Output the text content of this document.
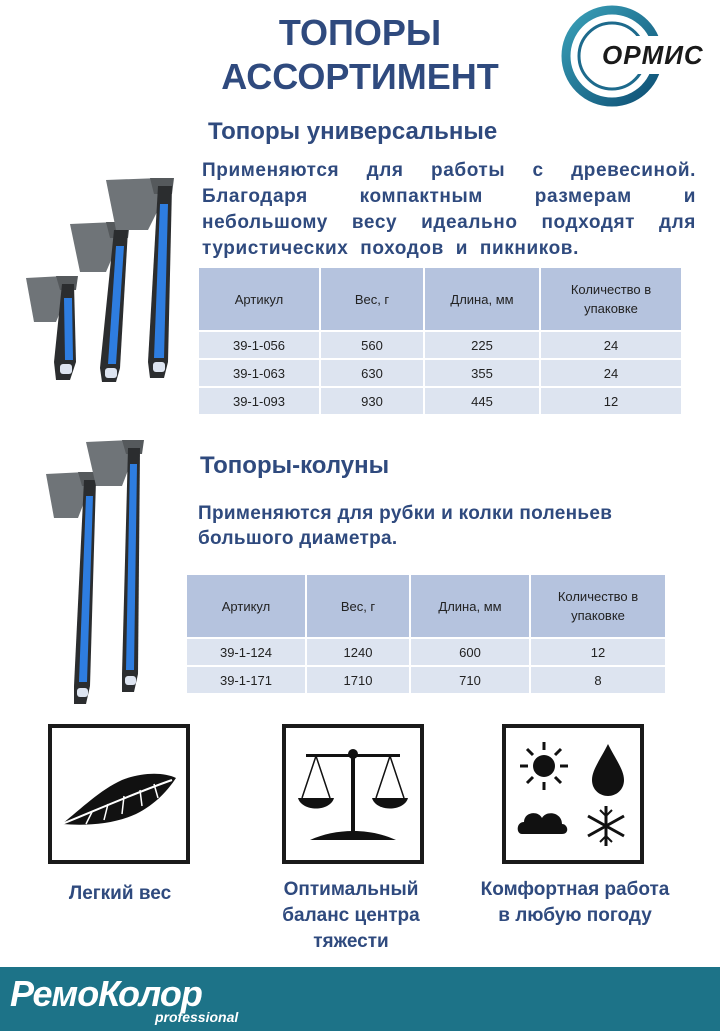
ТОПОРЫ
АССОРТИМЕНТ
ОРМИС
Топоры универсальные
Применяются для работы с древесиной. Благодаря компактным размерам и небольшому весу идеально подходят для туристических походов и пикников.
Артикул	Вес, г	Длина, мм	Количество в упаковке
39-1-056	560	225	24
39-1-063	630	355	24
39-1-093	930	445	12
Топоры-колуны
Применяются для рубки и колки поленьев большого диаметра.
Артикул	Вес, г	Длина, мм	Количество в упаковке
39-1-124	1240	600	12
39-1-171	1710	710	8
Легкий вес	Оптимальный баланс центра тяжести
Комфортная работа в любую погоду
РемоКолор
professional
